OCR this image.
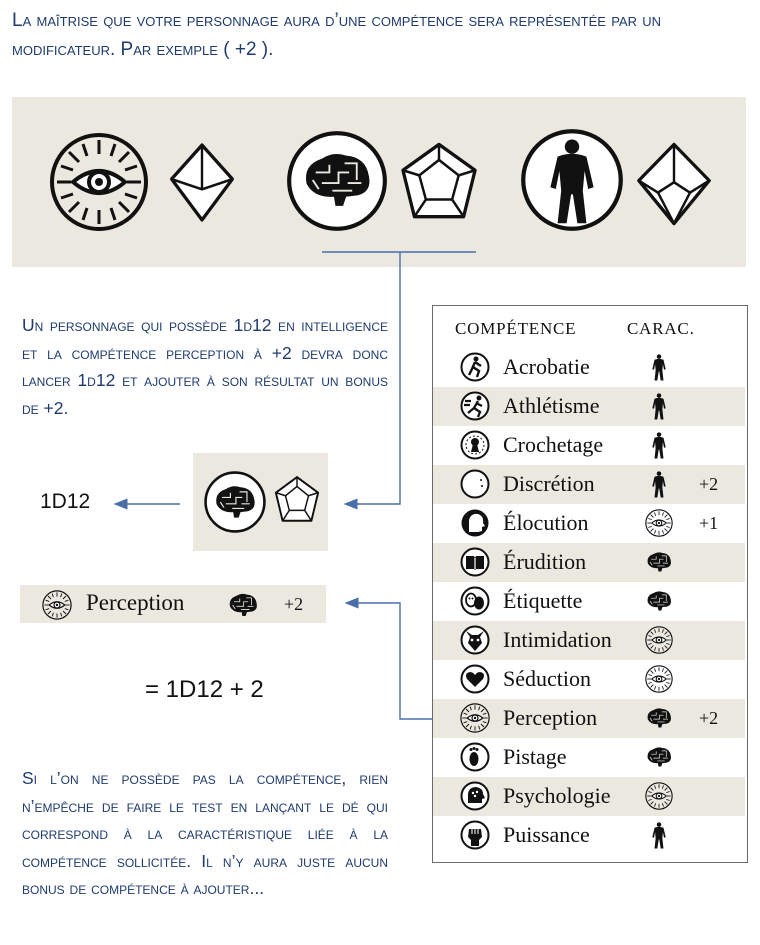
La maîtrise que votre personnage aura d’une compétence sera représentée par un modificateur. Par exemple ( +2 ).
Un personnage qui possède 1d12 en intelligence et la compétence perception à +2 devra donc lancer 1d12 et ajouter à son résultat un bonus de +2.
1D12
Perception	+2
= 1D12 + 2
Si l’on ne possède pas la compétence, rien n’empêche de faire le test en lançant le dé qui correspond à la caractéristique liée à la compétence sollicitée. Il n’y aura juste aucun bonus de compétence à ajouter...
COMPÉTENCE	CARAC.
Acrobatie
Athlétisme
Crochetage
Discrétion	+2
Élocution	+1
Érudition
Étiquette
Intimidation
Séduction
Perception	+2
Pistage
Psychologie
Puissance
